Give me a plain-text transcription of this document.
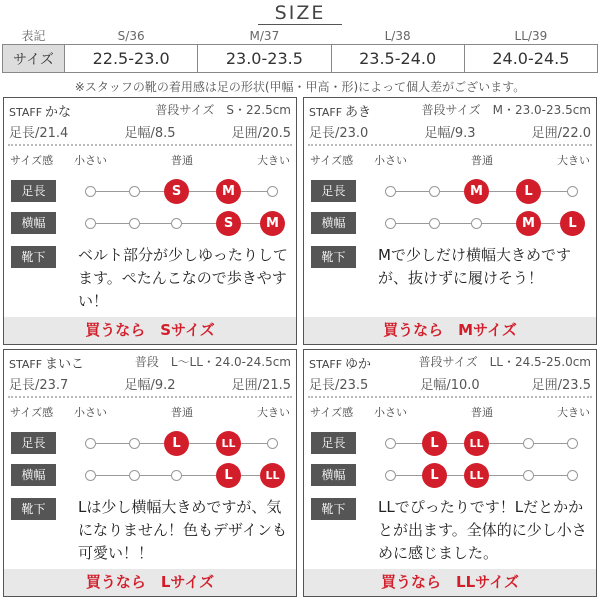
SIZE
表記	S/36	M/37	L/38	LL/39
サイズ	22.5-23.0	23.0-23.5	23.5-24.0	24.0-24.5
※スタッフの靴の着用感は足の形状(甲幅・甲高・形)によって個人差がございます。
STAFF かな	普段サイズ　S・22.5cm
足長/21.4	足幅/8.5	足囲/20.5
サイズ感 小さい	普通	大きい
足長	S	M
横幅	S	M
靴下	ベルト部分が少しゆったりしてます。ぺたんこなので歩きやすい！
買うなら　Sサイズ
STAFF あき	普段サイズ　M・23.0-23.5cm
足長/23.0	足幅/9.3	足囲/22.0
サイズ感 小さい	普通	大きい
足長	M	L
横幅	M	L
靴下	Mで少しだけ横幅大きめですが、抜けずに履けそう！
買うなら　Mサイズ
STAFF まいこ	普段　L〜LL・24.0-24.5cm
足長/23.7	足幅/9.2	足囲/21.5
サイズ感 小さい	普通	大きい
足長	L	LL
横幅	L	LL
靴下	Lは少し横幅大きめですが、気になりません！色もデザインも可愛い！！
買うなら　Lサイズ
STAFF ゆか	普段サイズ　LL・24.5-25.0cm
足長/23.5	足幅/10.0	足囲/23.5
サイズ感 小さい	普通	大きい
足長	L	LL
横幅	L	LL
靴下	LLでぴったりです！Lだとかかとが出ます。全体的に少し小さめに感じました。
買うなら　LLサイズ
